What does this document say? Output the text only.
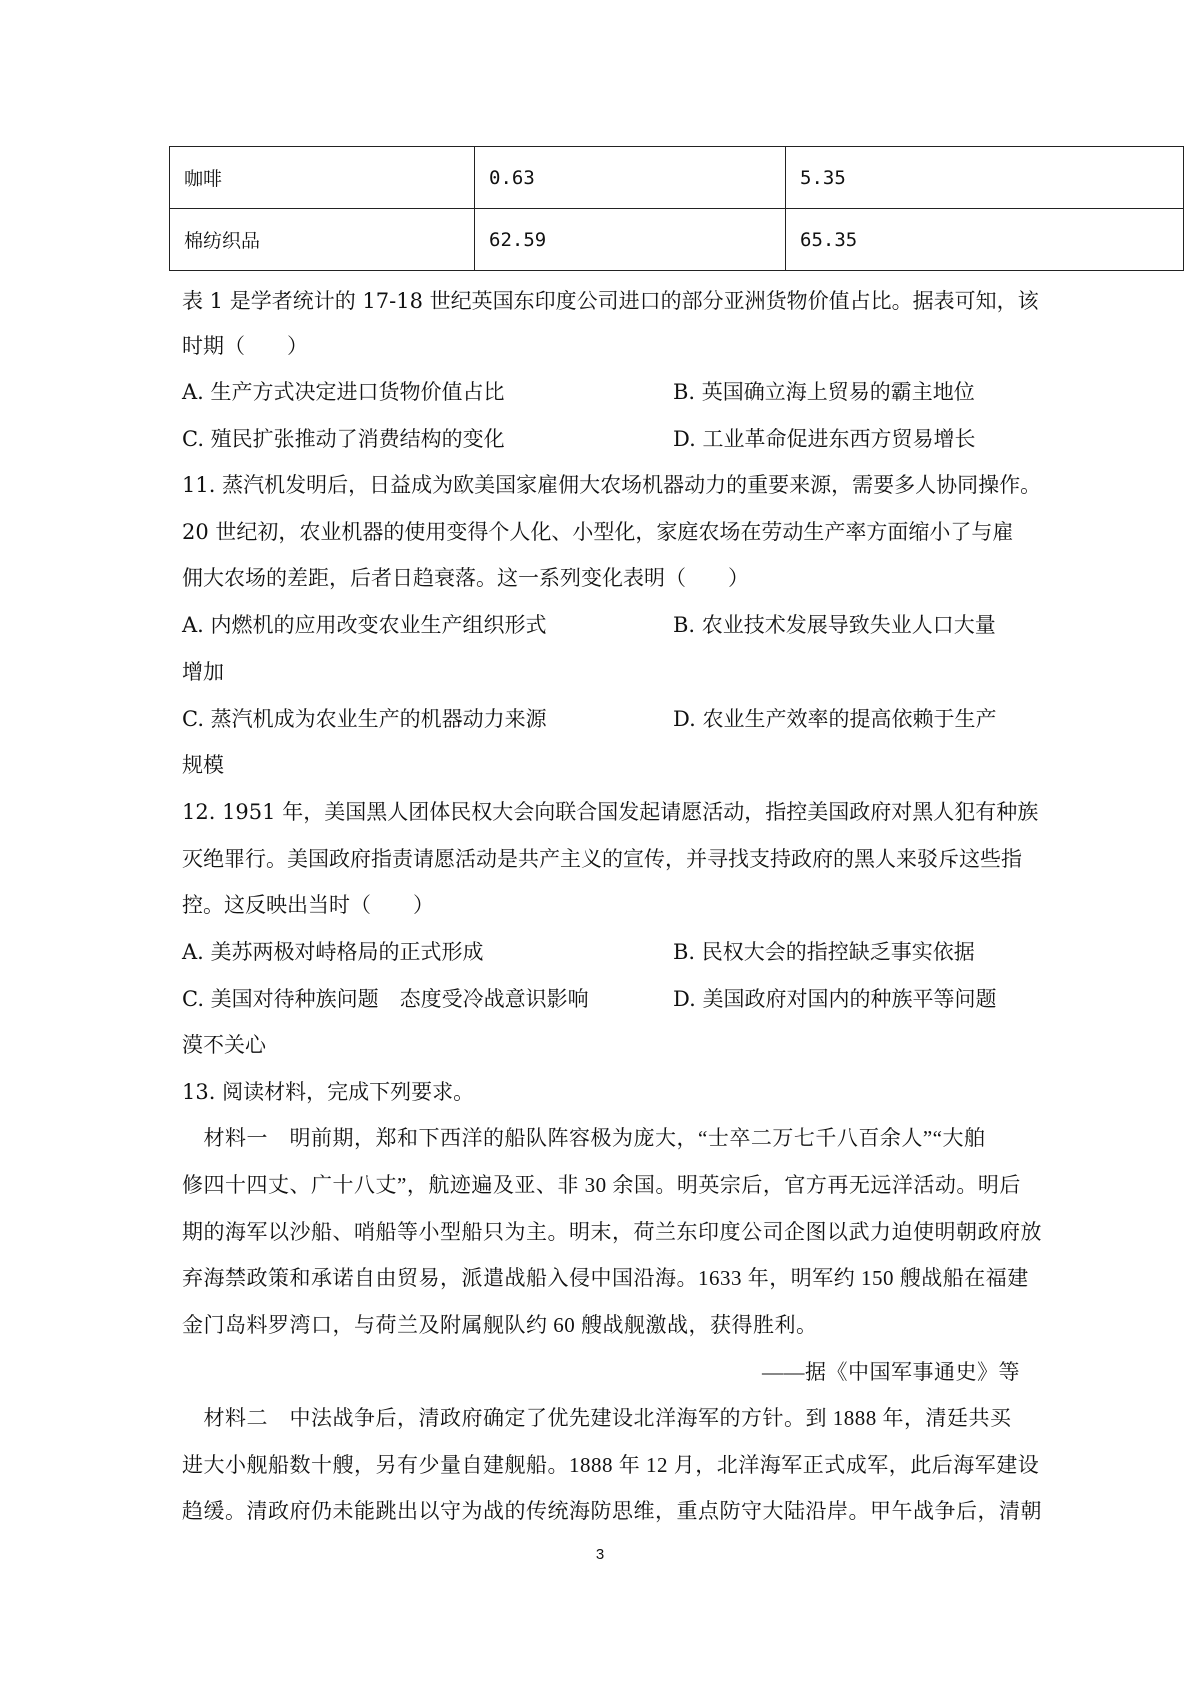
咖啡	0.63	5.35
棉纺织品	62.59	65.35
表 1 是学者统计的 17-18 世纪英国东印度公司进口的部分亚洲货物价值占比。据表可知，该
时期（　　）
A. 生产方式决定进口货物价值占比	B. 英国确立海上贸易的霸主地位
C. 殖民扩张推动了消费结构的变化	D. 工业革命促进东西方贸易增长
11. 蒸汽机发明后，日益成为欧美国家雇佣大农场机器动力的重要来源，需要多人协同操作。
20 世纪初，农业机器的使用变得个人化、小型化，家庭农场在劳动生产率方面缩小了与雇
佣大农场的差距，后者日趋衰落。这一系列变化表明（　　）
A. 内燃机的应用改变农业生产组织形式	B. 农业技术发展导致失业人口大量
增加
C. 蒸汽机成为农业生产的机器动力来源	D. 农业生产效率的提高依赖于生产
规模
12. 1951 年，美国黑人团体民权大会向联合国发起请愿活动，指控美国政府对黑人犯有种族
灭绝罪行。美国政府指责请愿活动是共产主义的宣传，并寻找支持政府的黑人来驳斥这些指
控。这反映出当时（　　）
A. 美苏两极对峙格局的正式形成	B. 民权大会的指控缺乏事实依据
C. 美国对待种族问题　态度受冷战意识影响	D. 美国政府对国内的种族平等问题
漠不关心
13. 阅读材料，完成下列要求。
　材料一　明前期，郑和下西洋的船队阵容极为庞大，“士卒二万七千八百余人”“大舶
修四十四丈、广十八丈”，航迹遍及亚、非 30 余国。明英宗后，官方再无远洋活动。明后
期的海军以沙船、哨船等小型船只为主。明末，荷兰东印度公司企图以武力迫使明朝政府放
弃海禁政策和承诺自由贸易，派遣战船入侵中国沿海。1633 年，明军约 150 艘战船在福建
金门岛料罗湾口，与荷兰及附属舰队约 60 艘战舰激战，获得胜利。
——据《中国军事通史》等
　材料二　中法战争后，清政府确定了优先建设北洋海军的方针。到 1888 年，清廷共买
进大小舰船数十艘，另有少量自建舰船。1888 年 12 月，北洋海军正式成军，此后海军建设
趋缓。清政府仍未能跳出以守为战的传统海防思维，重点防守大陆沿岸。甲午战争后，清朝
3
